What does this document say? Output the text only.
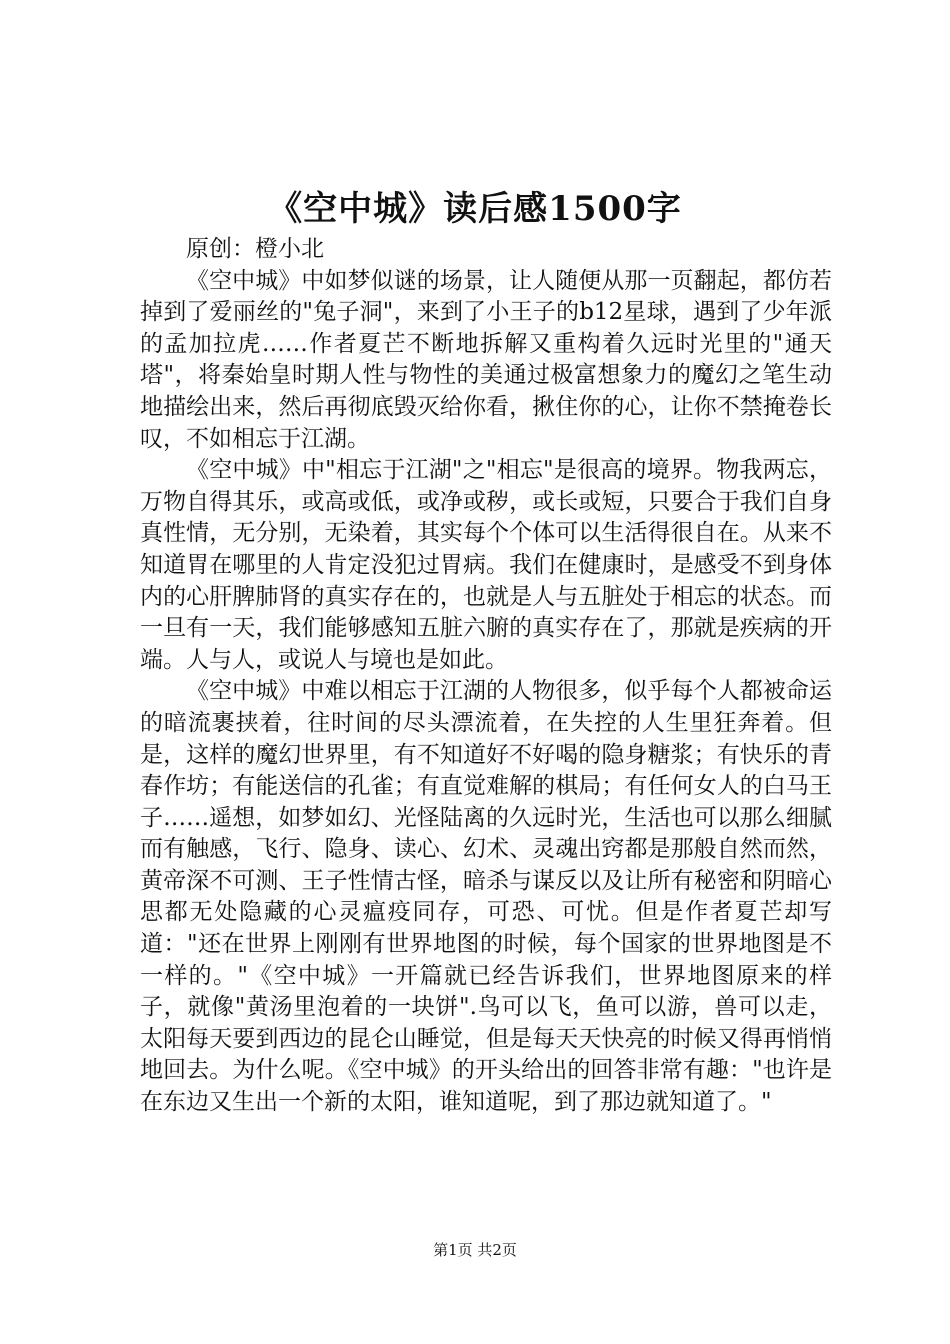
《空中城》读后感1500字

原创：橙小北

《空中城》中如梦似谜的场景，让人随便从那一页翻起，都仿若掉到了爱丽丝的"兔子洞"，来到了小王子的b12星球，遇到了少年派的孟加拉虎……作者夏芒不断地拆解又重构着久远时光里的"通天塔"，将秦始皇时期人性与物性的美通过极富想象力的魔幻之笔生动地描绘出来，然后再彻底毁灭给你看，揪住你的心，让你不禁掩卷长叹，不如相忘于江湖。

《空中城》中"相忘于江湖"之"相忘"是很高的境界。物我两忘，万物自得其乐，或高或低，或净或秽，或长或短，只要合于我们自身真性情，无分别，无染着，其实每个个体可以生活得很自在。从来不知道胃在哪里的人肯定没犯过胃病。我们在健康时，是感受不到身体内的心肝脾肺肾的真实存在的，也就是人与五脏处于相忘的状态。而一旦有一天，我们能够感知五脏六腑的真实存在了，那就是疾病的开端。人与人，或说人与境也是如此。

《空中城》中难以相忘于江湖的人物很多，似乎每个人都被命运的暗流裹挟着，往时间的尽头漂流着，在失控的人生里狂奔着。但是，这样的魔幻世界里，有不知道好不好喝的隐身糖浆；有快乐的青春作坊；有能送信的孔雀；有直觉难解的棋局；有任何女人的白马王子……遥想，如梦如幻、光怪陆离的久远时光，生活也可以那么细腻而有触感，飞行、隐身、读心、幻术、灵魂出窍都是那般自然而然，黄帝深不可测、王子性情古怪，暗杀与谋反以及让所有秘密和阴暗心思都无处隐藏的心灵瘟疫同存，可恐、可忧。但是作者夏芒却写道："还在世界上刚刚有世界地图的时候，每个国家的世界地图是不一样的。"《空中城》一开篇就已经告诉我们，世界地图原来的样子，就像"黄汤里泡着的一块饼".鸟可以飞，鱼可以游，兽可以走，太阳每天要到西边的昆仑山睡觉，但是每天天快亮的时候又得再悄悄地回去。为什么呢。《空中城》的开头给出的回答非常有趣："也许是在东边又生出一个新的太阳，谁知道呢，到了那边就知道了。"

第1页 共2页
